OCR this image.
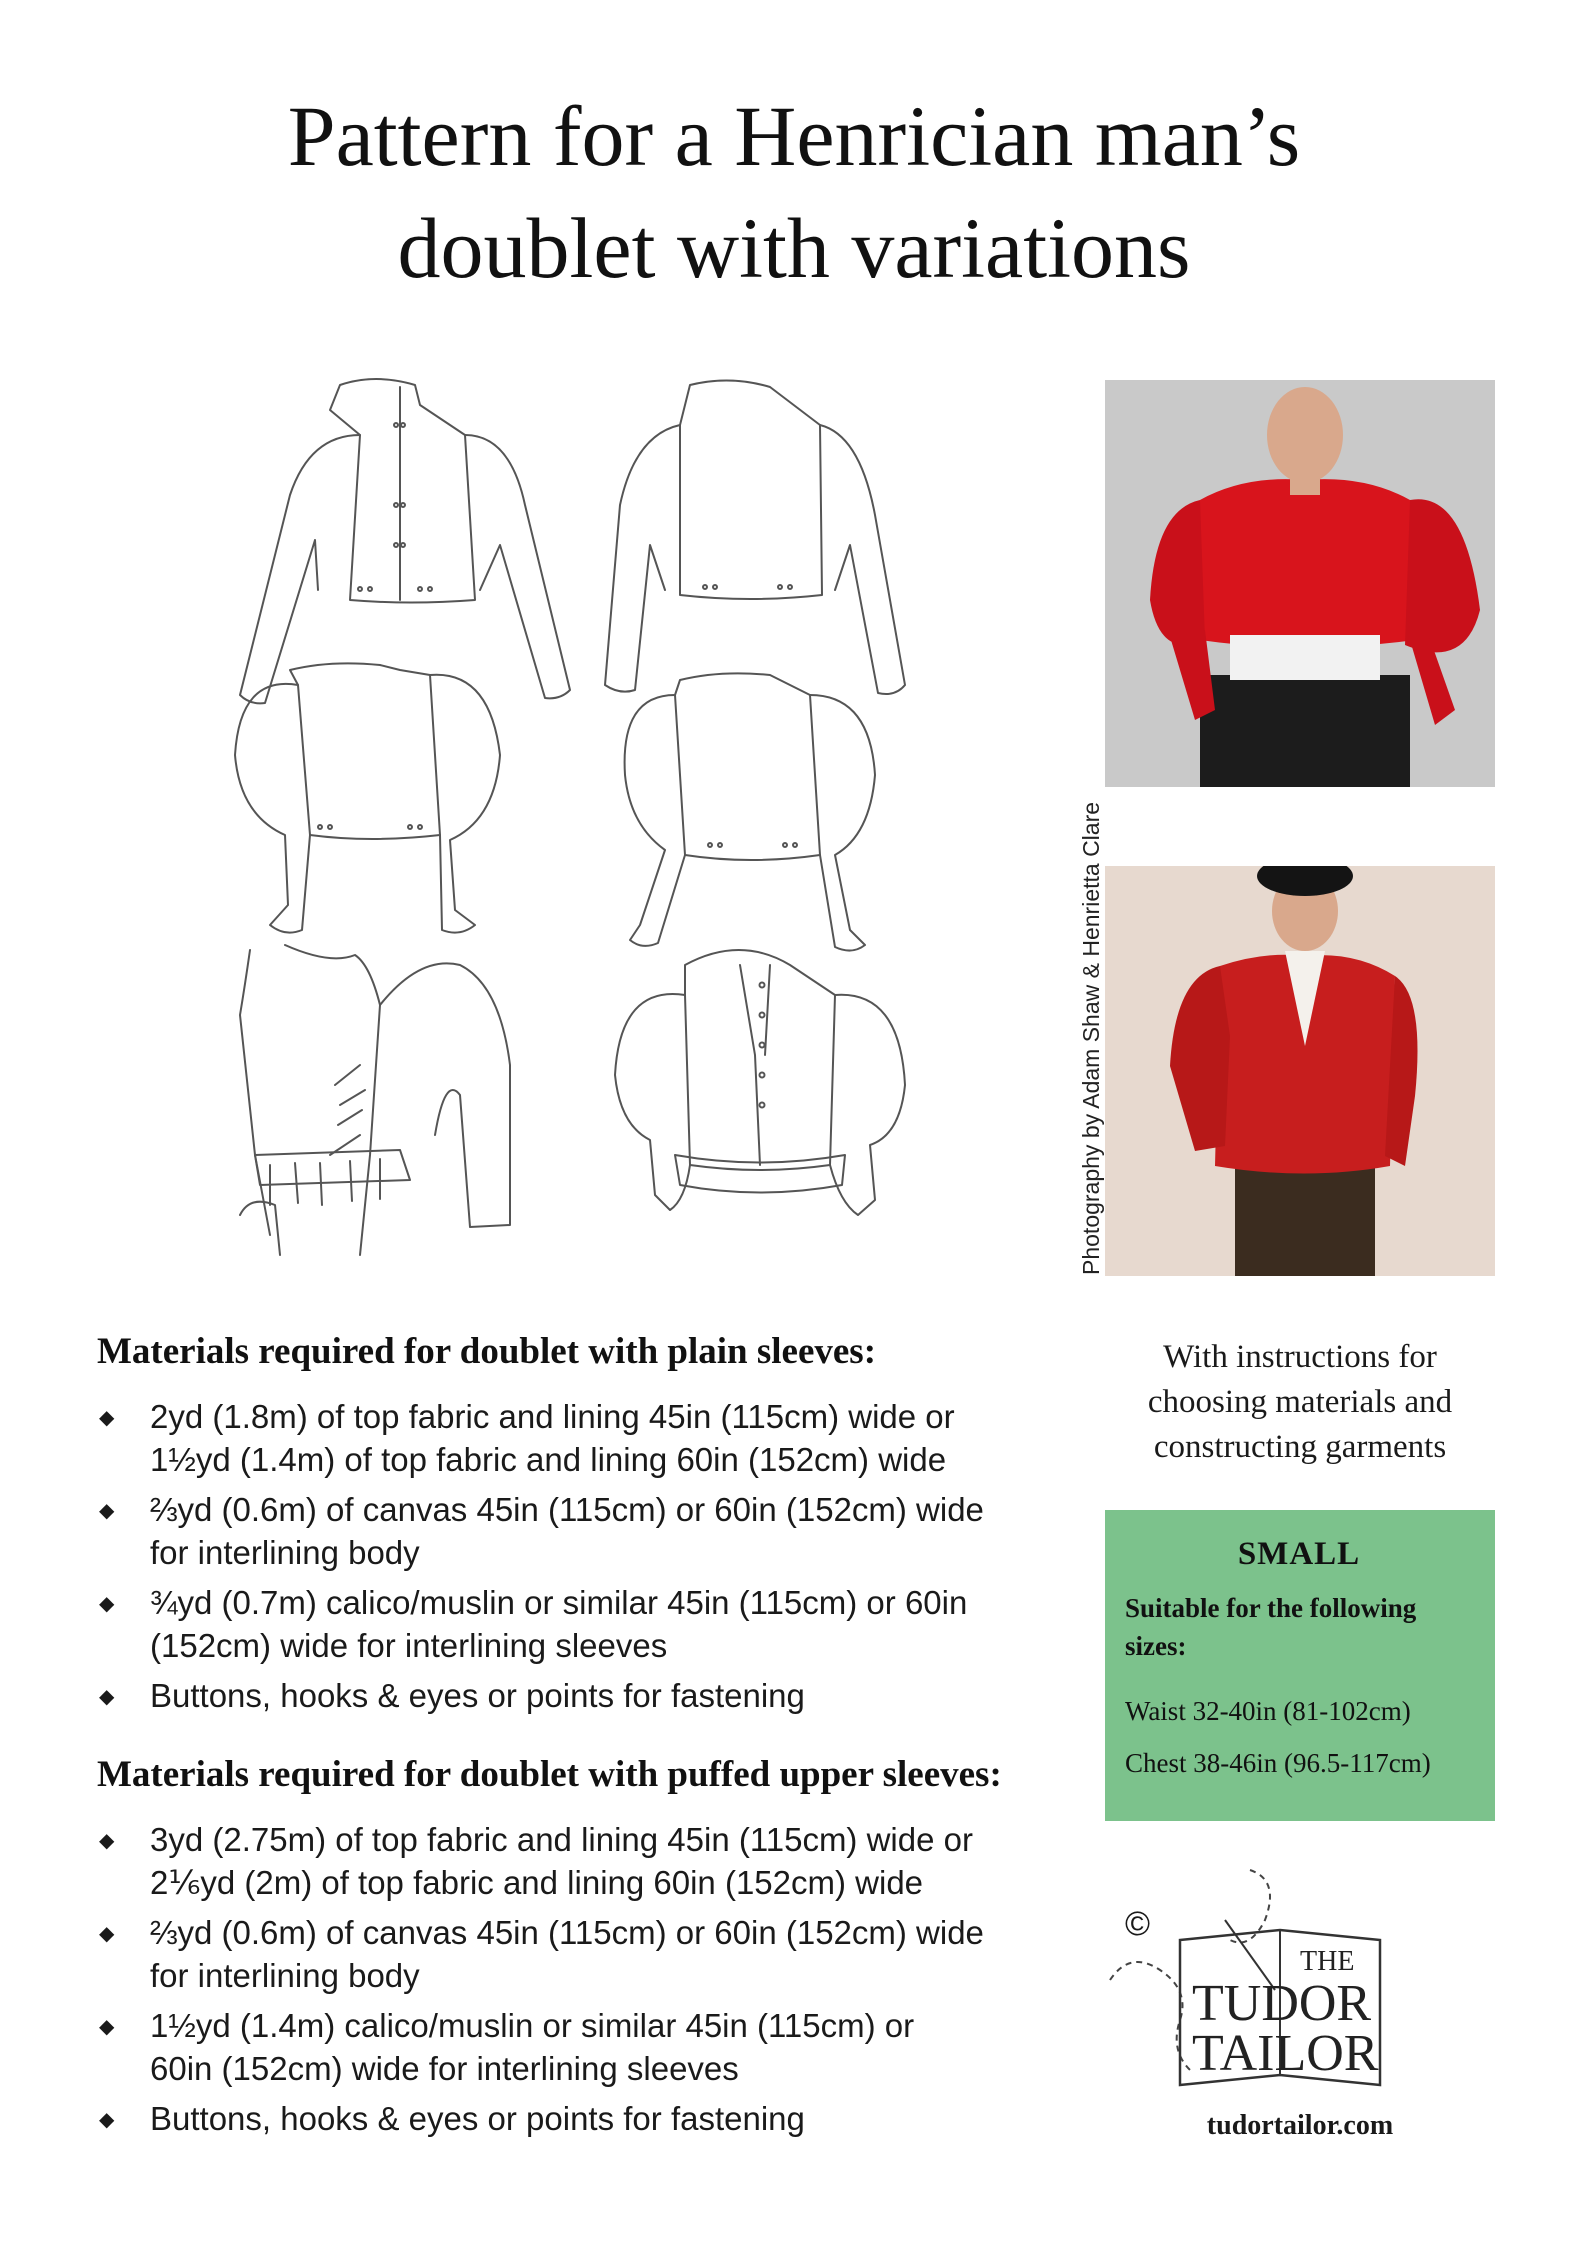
Pattern for a Henrician man’s
doublet with variations
Photography by Adam Shaw & Henrietta Clare
Materials required for doublet with plain sleeves:
◆ 2yd (1.8m) of top fabric and lining 45in (115cm) wide or
1½yd (1.4m) of top fabric and lining 60in (152cm) wide
◆ ⅔yd (0.6m) of canvas 45in (115cm) or 60in (152cm) wide
for interlining body
◆ ¾yd (0.7m) calico/muslin or similar 45in (115cm) or 60in
(152cm) wide for interlining sleeves
◆ Buttons, hooks & eyes or points for fastening
Materials required for doublet with puffed upper sleeves:
◆ 3yd (2.75m) of top fabric and lining 45in (115cm) wide or
2⅙yd (2m) of top fabric and lining 60in (152cm) wide
◆ ⅔yd (0.6m) of canvas 45in (115cm) or 60in (152cm) wide
for interlining body
◆ 1½yd (1.4m) calico/muslin or similar 45in (115cm) or
60in (152cm) wide for interlining sleeves
◆ Buttons, hooks & eyes or points for fastening
With instructions for
choosing materials and
constructing garments
SMALL
Suitable for the following
sizes:
Waist 32-40in (81-102cm)
Chest 38-46in (96.5-117cm)
©
THE
TUDOR
TAILOR
tudortailor.com
